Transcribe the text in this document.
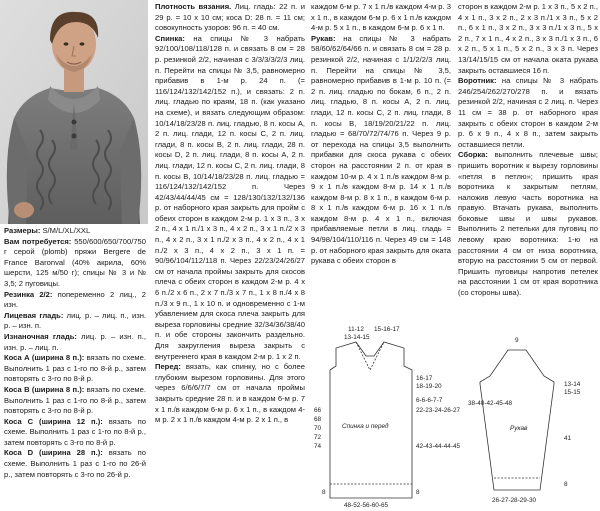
Размеры: S/M/L/XL/XXL

Вам потребуется: 550/600/650/700/750 г серой (plomb) пряжи Bergere de France Baronval (40% акрила, 60% шерсти, 125 м/50 г); спицы № 3 и № 3,5; 2 пуговицы.

Резинка 2/2: попеременно 2 лиц., 2 изн.

Лицевая гладь: лиц. р. – лиц. п., изн. р. – изн. п.

Изнаночная гладь: лиц. р. – изн. п., изн. р. – лиц. п.

Коса А (ширина 8 п.): вязать по схеме. Выполнить 1 раз с 1-го по 8-й р., затем повторять с 3-го по 8-й р.

Коса В (ширина 8 п.): вязать по схеме. Выполнить 1 раз с 1-го по 8-й р., затем повторять с 3-го по 8-й р.

Коса С (ширина 12 п.): вязать по схеме. Выполнить 1 раз с 1-го по 8-й р., затем повторять с 3-го по 8-й р.

Коса D (ширина 28 п.): вязать по схеме. Выполнить 1 раз с 1-го по 26-й р., затем повторять с 3-го по 26-й р.

Плотность вязания. Лиц. гладь: 22 п. и 29 р. = 10 х 10 см; коса D: 28 п. = 11 см; совокупность узоров: 96 п. = 40 см.

Спинка: на спицы № 3 набрать 92/100/108/118/128 п. и связать 8 см = 28 р. резинкой 2/2, начиная с 3/3/3/3/2/3 лиц. п. Перейти на спицы № 3,5, равномерно прибавив в 1-м р. 24 п. (= 116/124/132/142/152 п.), и связать: 2 п. лиц. гладью по краям, 18 п. (как указано на схеме), и вязать следующим образом: 10/14/18/23/28 п. лиц. гладью, 8 п. косы А, 2 п. лиц. глади, 12 п. косы С, 2 п. лиц. глади, 8 п. косы В, 2 п. лиц. глади, 28 п. косы D, 2 п. лиц. глади, 8 п. косы А, 2 п. лиц. глади, 12 п. косы С, 2 п. лиц. глади, 8 п. косы В, 10/14/18/23/28 п. лиц. гладью = 116/124/132/142/152 п. Через 42/43/44/44/45 см = 128/130/132/132/136 р. от наборного края закрыть для пройм с обеих сторон в каждом 2-м р. 1 х 3 п., 3 х 2 п., 4 х 1 п./1 х 3 п., 4 х 2 п., 3 х 1 п./2 х 3 п., 4 х 2 п., 3 х 1 п./2 х 3 п., 4 х 2 п., 4 х 1 п./2 х 3 п., 4 х 2 п., 3 х 1 п. = 90/96/104/112/118 п. Через 22/23/24/26/27 см от начала проймы закрыть для скосов плеча с обеих сторон в каждом 2-м р. 4 х 6 п./2 х 6 п., 2 х 7 п./3 х 7 п., 1 х 8 п./4 х 8 п./3 х 9 п., 1 х 10 п. и одновременно с 1-м убавлением для скоса плеча закрыть для выреза горловины средние 32/34/36/38/40 п. и обе стороны закончить раздельно. Для закругления выреза закрыть с внутреннего края в каждом 2-м р. 1 х 2 п.

Перед: вязать, как спинку, но с более глубоким вырезом горловины. Для этого через 6/6/6/7/7 см от начала проймы закрыть средние 28 п. и в каждом 6-м р. 7 х 1 п./в каждом 6-м р. 6 х 1 п., в каждом 4-м р. 2 х 1 п./в каждом 4-м р. 2 х 1 п., в

каждом 6-м р. 7 х 1 п./в каждом 4-м р. 3 х 1 п., в каждом 6-м р. 6 х 1 п./в каждом 4-м р. 5 х 1 п., в каждом 6-м р. 6 х 1 п.

Рукав: на спицы № 3 набрать 58/60/62/64/66 п. и связать 8 см = 28 р. резинкой 2/2, начиная с 1/1/2/2/3 лиц. п. Перейти на спицы № 3,5, равномерно прибавив в 1-м р. 10 п. (= 2 п. лиц. гладью по бокам, 6 п., 2 п. лиц. гладью, 8 п. косы А, 2 п. лиц. глади, 12 п. косы С, 2 п. лиц. глади, 8 п. косы В, 18/19/20/21/22 п. лиц. гладью = 68/70/72/74/76 п. Через 9 р. от перехода на спицы 3,5 выполнить прибавки для скоса рукава с обеих сторон на расстоянии 2 п. от края в каждом 10-м р. 4 х 1 п./в каждом 8-м р. 9 х 1 п./в каждом 8-м р. 14 х 1 п./в каждом 8-м р. 8 х 1 п., в каждом 6-м р. 8 х 1 п./в каждом 6-м р. 16 х 1 п./в каждом 8-м р. 4 х 1 п., включая прибавляемые петли в лиц. гладь = 94/98/104/110/116 п. Через 49 см = 148 р. от наборного края закрыть для оката рукава с обеих сторон в

сторон в каждом 2-м р. 1 х 3 п., 5 х 2 п., 4 х 1 п., 3 х 2 п., 2 х 3 п./1 х 3 п., 5 х 2 п., 6 х 1 п., 3 х 2 п., 3 х 3 п./1 х 3 п., 5 х 2 п., 7 х 1 п., 4 х 2 п., 3 х 3 п./1 х 3 п., 6 х 2 п., 5 х 1 п., 5 х 2 п., 3 х 3 п. Через 13/14/15/15 см от начала оката рукава закрыть оставшиеся 16 п.

Воротник: на спицы № 3 набрать 246/254/262/270/278 п. и вязать резинкой 2/2, начиная с 2 лиц. п. Через 11 см = 38 р. от наборного края закрыть с обеих сторон в каждом 2-м р. 6 х 9 п., 4 х 8 п., затем закрыть оставшиеся петли.

Сборка: выполнить плечевые швы; пришить воротник к вырезу горловины «петля в петлю»; пришить края воротника к закрытым петлям, наложив левую часть воротника на правую. Втачать рукава, выполнить боковые швы и швы рукавов. Выполнить 2 петельки для пуговиц по левому краю воротника: 1-ю на расстоянии 4 см от низа воротника, вторую на расстоянии 5 см от первой. Пришить пуговицы напротив петелек на расстоянии 1 см от края воротника (со стороны шва).

Спинка и перед
11-12
13-14-15
15-16-17
48-52-56-60-65
66
68
70
72
74
8
16-17
18-19-20
6-6-6-7-7
22-23-24-26-27
42-43-44-44-45
8
9
38-40-42-45-48
Рукав
13-14
15-15
41
8
26-27-28-29-30
